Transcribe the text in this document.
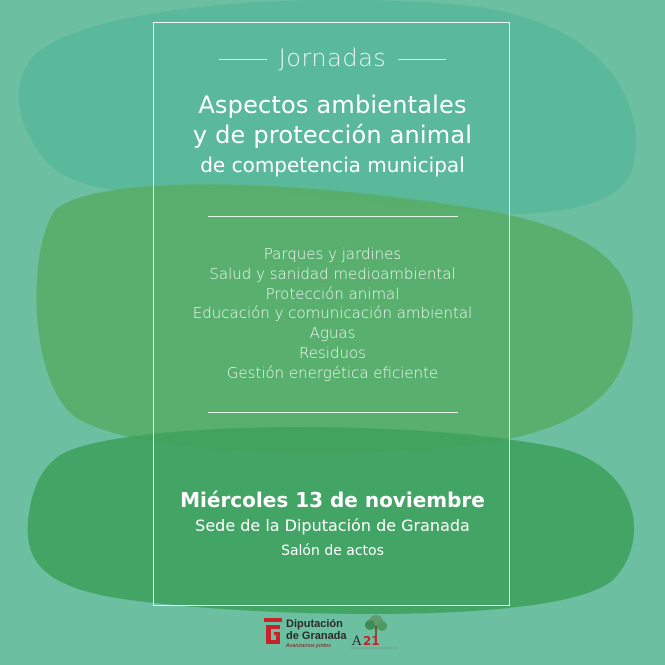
Jornadas
Aspectos ambientales
y de protección animal
de competencia municipal
Parques y jardines
Salud y sanidad medioambiental
Protección animal
Educación y comunicación ambiental
Aguas
Residuos
Gestión energética eficiente
Miércoles 13 de noviembre
Sede de la Diputación de Granada
Salón de actos
Diputación
de Granada
Avanzamos juntos	A 21
